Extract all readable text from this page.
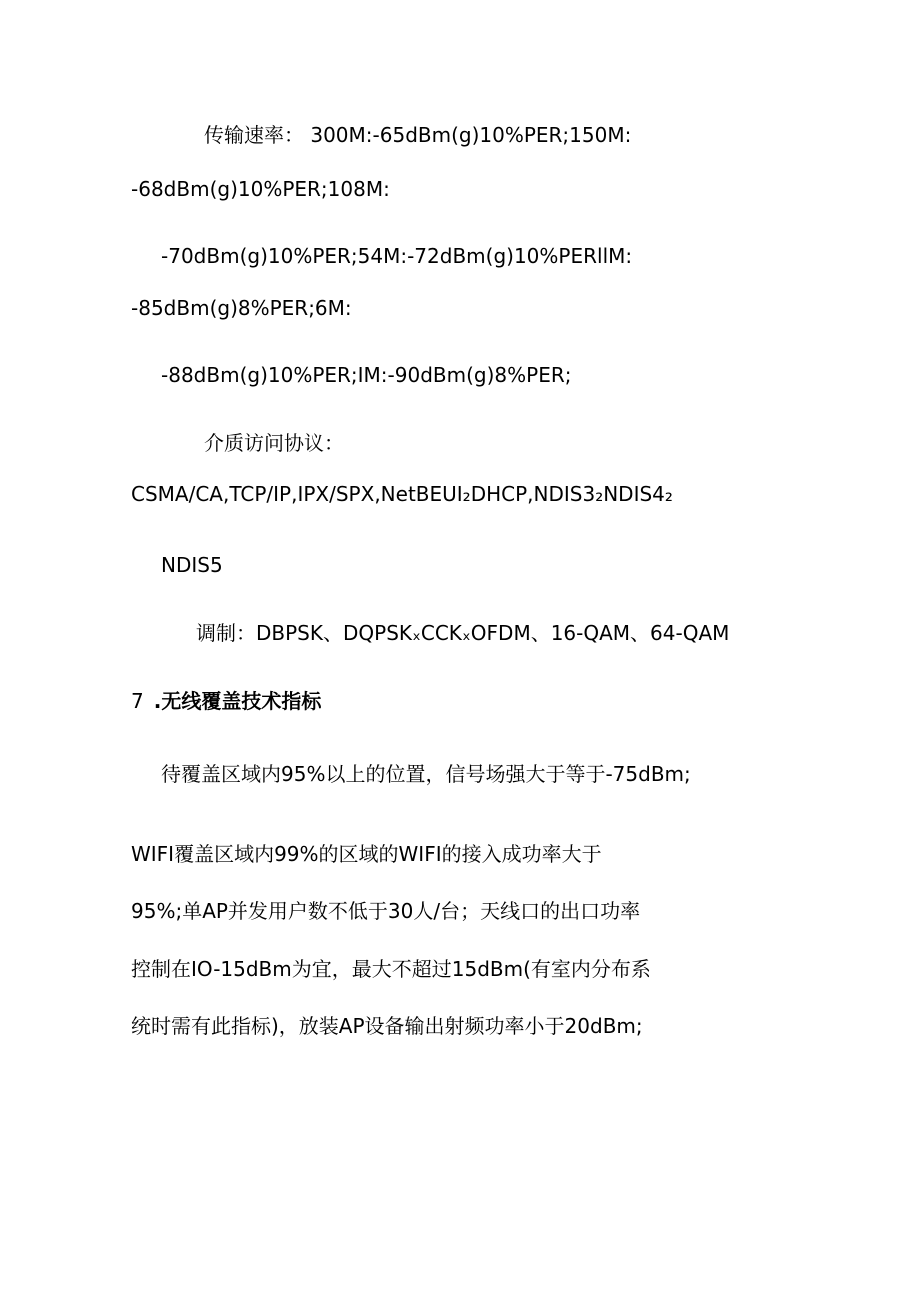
传输速率： 300M:-65dBm(g)10%PER;150M:
-68dBm(g)10%PER;108M:
-70dBm(g)10%PER;54M:-72dBm(g)10%PERllM:
-85dBm(g)8%PER;6M:
-88dBm(g)10%PER;IM:-90dBm(g)8%PER;
介质访问协议：
CSMA/CA,TCP/IP,IPX/SPX,NetBEUI₂DHCP,NDIS3₂NDIS4₂
NDIS5
调制：DBPSK、DQPSKₓCCKₓOFDM、16-QAM、64-QAM
7 .无线覆盖技术指标
待覆盖区域内95%以上的位置，信号场强大于等于-75dBm;
WIFI覆盖区域内99%的区域的WIFI的接入成功率大于
95%;单AP并发用户数不低于30人/台；天线口的出口功率
控制在IO-15dBm为宜，最大不超过15dBm(有室内分布系
统时需有此指标)，放装AP设备输出射频功率小于20dBm;
